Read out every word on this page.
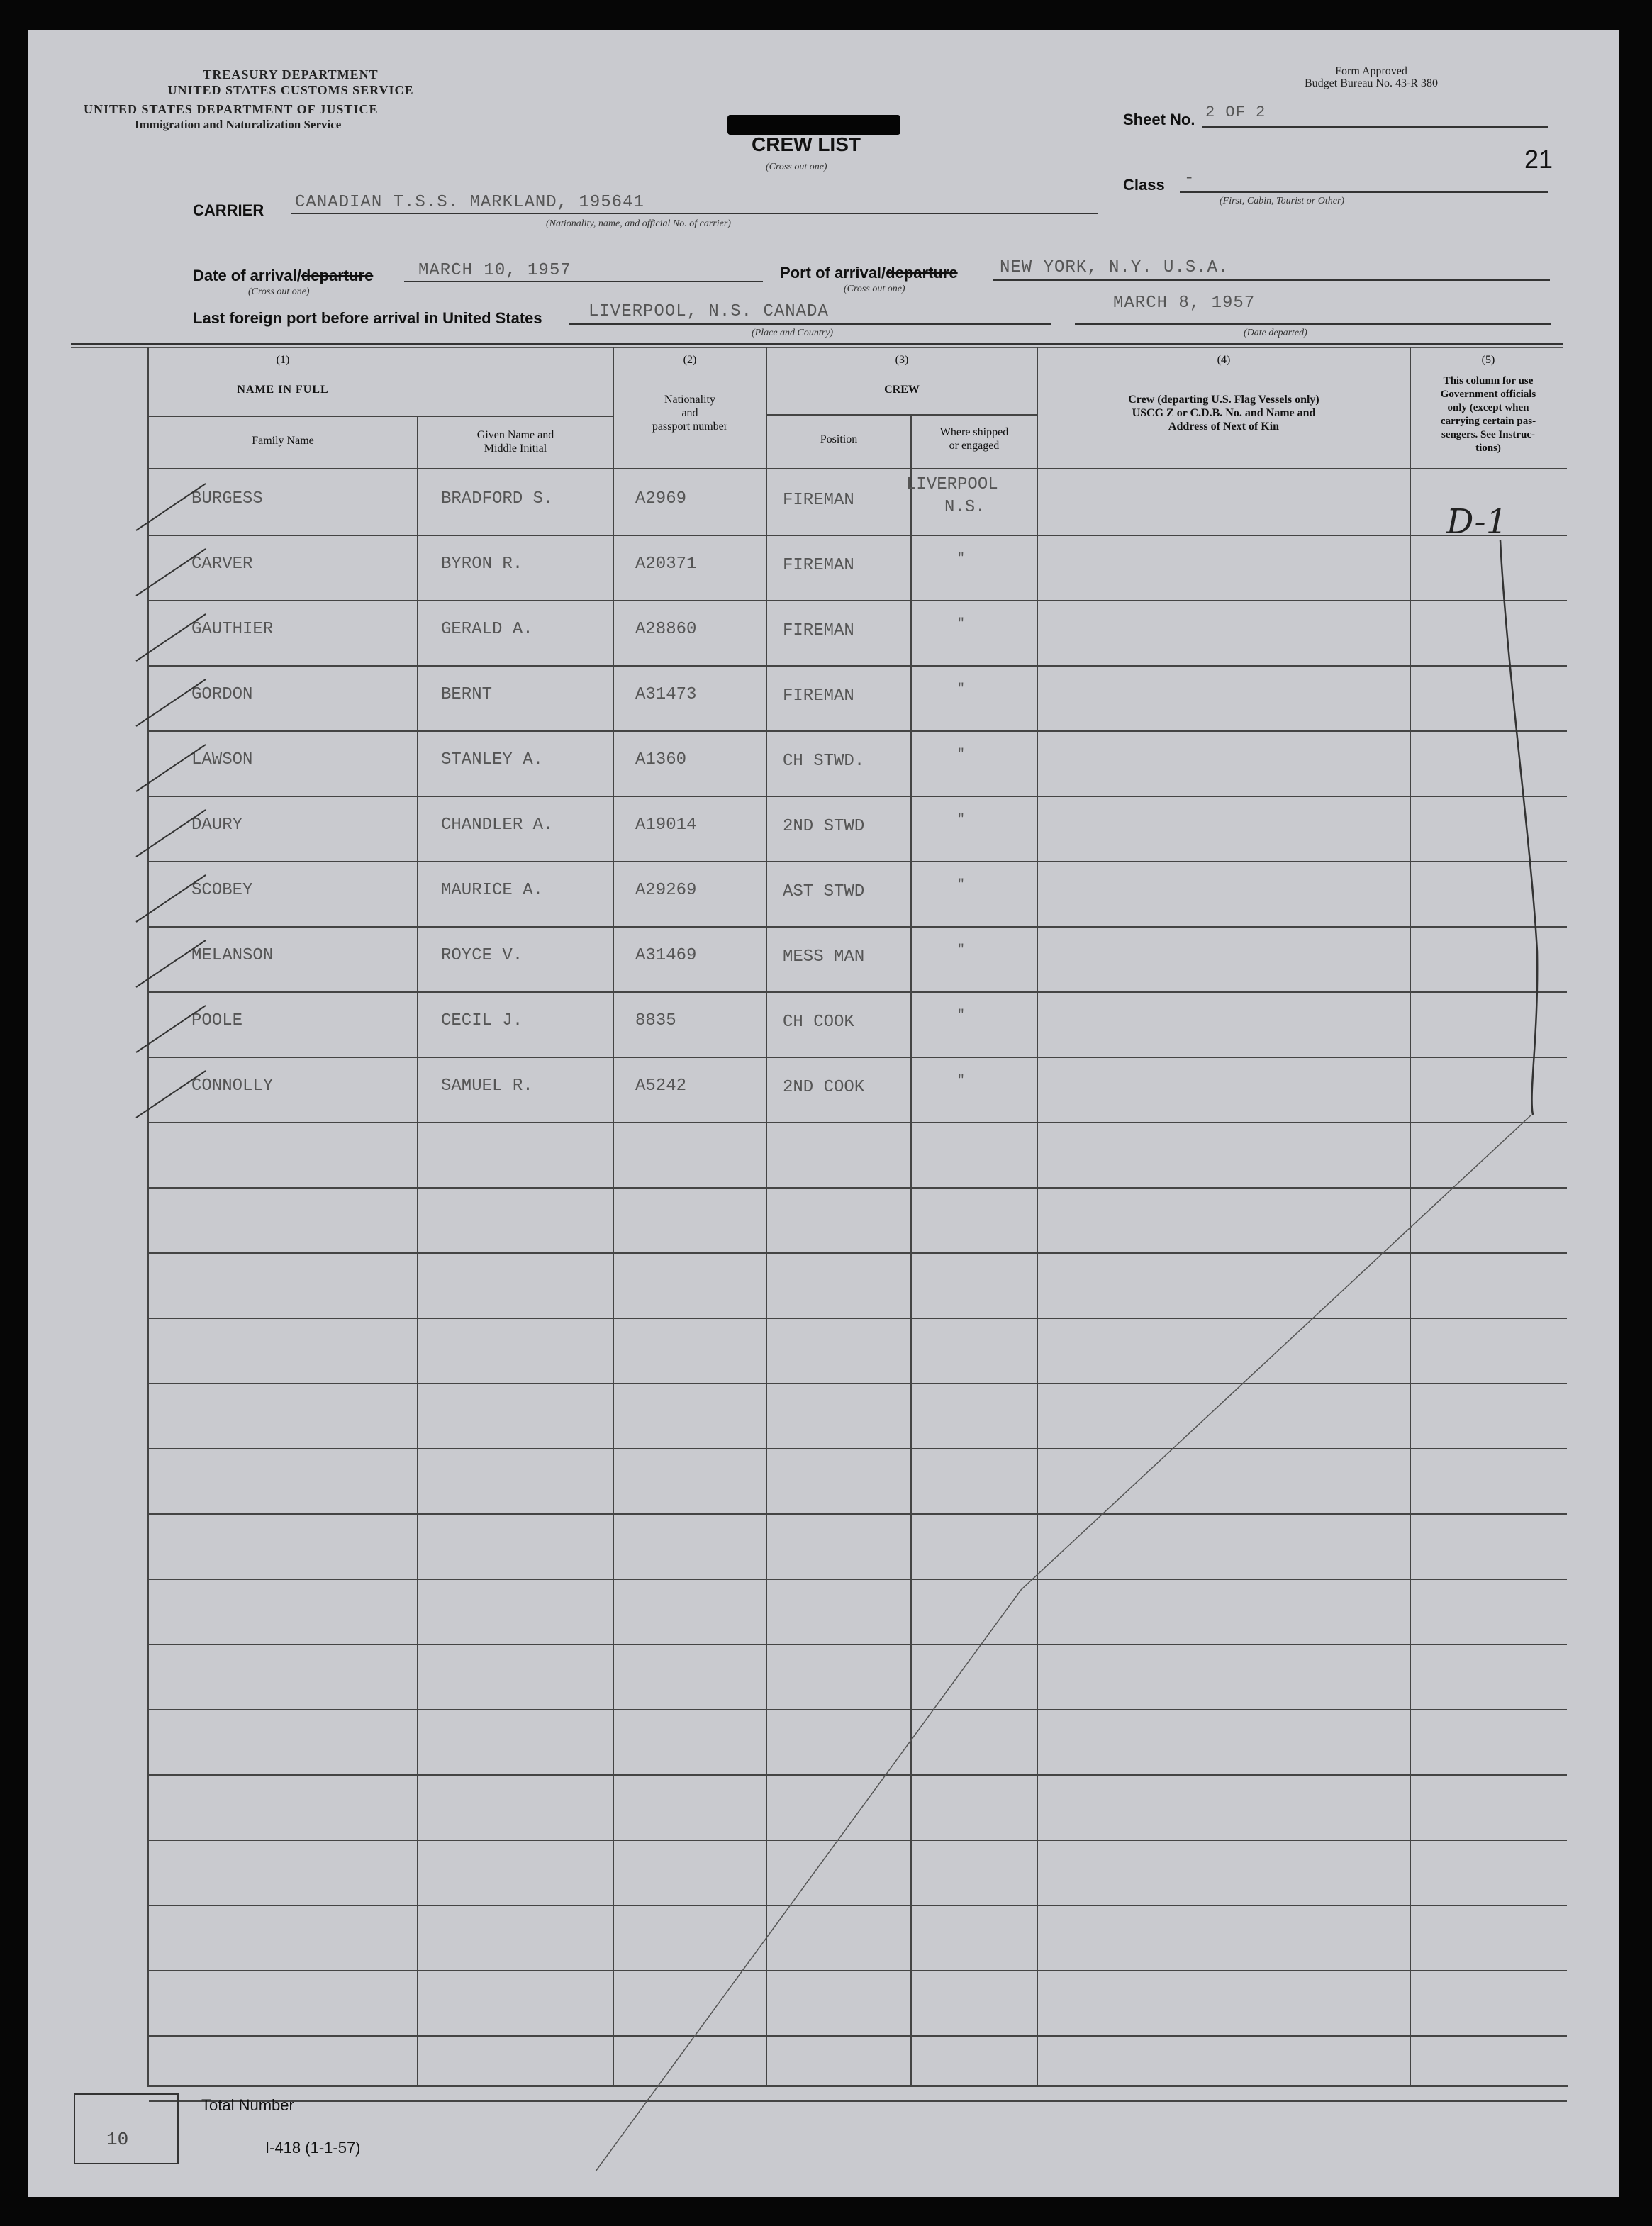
TREASURY DEPARTMENT
UNITED STATES CUSTOMS SERVICE
UNITED STATES DEPARTMENT OF JUSTICE
Immigration and Naturalization Service
Form Approved
Budget Bureau No. 43-R 380
CREW LIST
(Cross out one)
Sheet No. 2 OF 2
21
Class -
(First, Cabin, Tourist or Other)
CARRIER CANADIAN T.S.S. MARKLAND, 195641
(Nationality, name, and official No. of carrier)
Date of arrival/departure	MARCH 10, 1957
(Cross out one)
Port of arrival/departure NEW YORK, N.Y. U.S.A.
(Cross out one)
Last foreign port before arrival in United States	LIVERPOOL, N.S. CANADA
(Place and Country)
MARCH 8, 1957
(Date departed)
(1)
NAME IN FULL
Family Name	Given Name and
Middle Initial
(2)
Nationality
and
passport number
(3)
CREW
Position
Where shipped
or engaged
(4)
Crew (departing U.S. Flag Vessels only)
USCG Z or C.D.B. No. and Name and
Address of Next of Kin
(5)
This column for use
Government officials
only (except when
carrying certain pas-
sengers. See Instruc-
tions)
BURGESS	BRADFORD S.	A2969	FIREMAN
LIVERPOOL
N.S.
CARVER	BYRON R.	A20371	FIREMAN	"
GAUTHIER	GERALD A.	A28860	FIREMAN	"
GORDON	BERNT	A31473	FIREMAN	"
LAWSON	STANLEY A.	A1360	CH STWD.	"
DAURY	CHANDLER A.	A19014	2ND STWD	"
SCOBEY	MAURICE A.	A29269	AST STWD	"
MELANSON	ROYCE V.	A31469	MESS MAN	"
POOLE	CECIL J.	8835	CH COOK	"
CONNOLLY	SAMUEL R.	A5242	2ND COOK	"
D-1
10
Total Number
I-418 (1-1-57)
